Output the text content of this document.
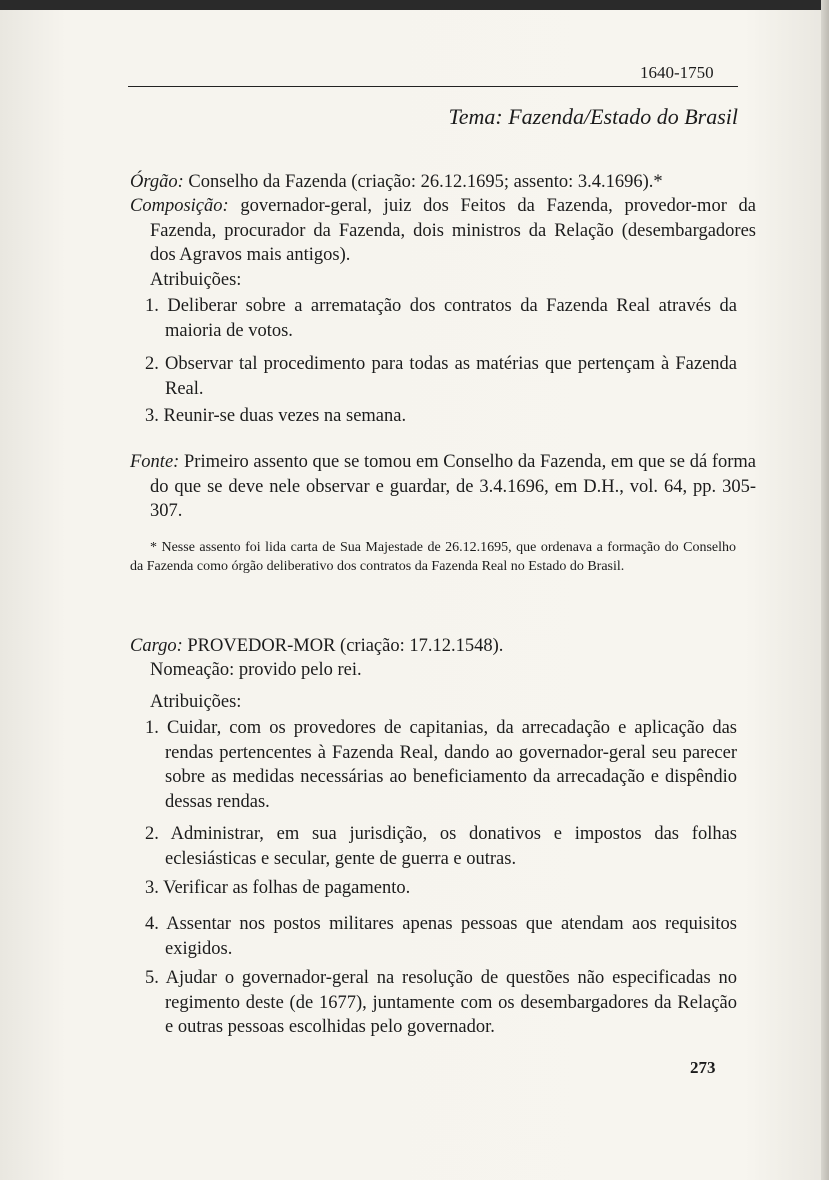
1640-1750
Tema: Fazenda/Estado do Brasil
Órgão: Conselho da Fazenda (criação: 26.12.1695; assento: 3.4.1696).*
Composição: governador-geral, juiz dos Feitos da Fazenda, provedor-mor da Fazenda, procurador da Fazenda, dois ministros da Relação (desembargadores dos Agravos mais antigos).
Atribuições:
1. Deliberar sobre a arrematação dos contratos da Fazenda Real através da maioria de votos.
2. Observar tal procedimento para todas as matérias que pertençam à Fazenda Real.
3. Reunir-se duas vezes na semana.
Fonte: Primeiro assento que se tomou em Conselho da Fazenda, em que se dá forma do que se deve nele observar e guardar, de 3.4.1696, em D.H., vol. 64, pp. 305-307.
* Nesse assento foi lida carta de Sua Majestade de 26.12.1695, que ordenava a formação do Conselho da Fazenda como órgão deliberativo dos contratos da Fazenda Real no Estado do Brasil.
Cargo: PROVEDOR-MOR (criação: 17.12.1548).
Nomeação: provido pelo rei.
Atribuições:
1. Cuidar, com os provedores de capitanias, da arrecadação e aplicação das rendas pertencentes à Fazenda Real, dando ao governador-geral seu parecer sobre as medidas necessárias ao beneficiamento da arrecadação e dispêndio dessas rendas.
2. Administrar, em sua jurisdição, os donativos e impostos das folhas eclesiásticas e secular, gente de guerra e outras.
3. Verificar as folhas de pagamento.
4. Assentar nos postos militares apenas pessoas que atendam aos requisitos exigidos.
5. Ajudar o governador-geral na resolução de questões não especificadas no regimento deste (de 1677), juntamente com os desembargadores da Relação e outras pessoas escolhidas pelo governador.
273
